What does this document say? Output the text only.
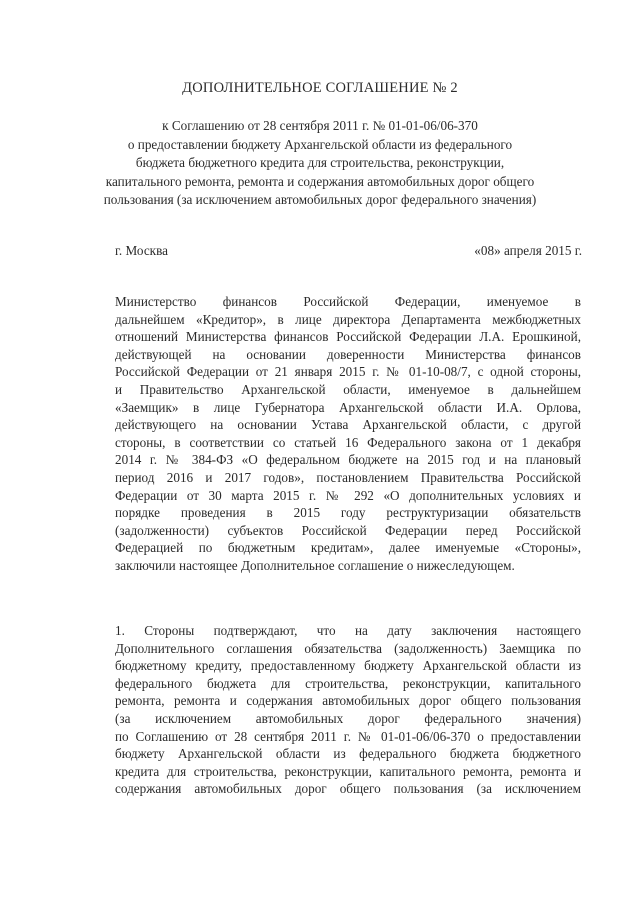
ДОПОЛНИТЕЛЬНОЕ СОГЛАШЕНИЕ № 2
к Соглашению от 28 сентября 2011 г. № 01-01-06/06-370
о предоставлении бюджету Архангельской области из федерального
бюджета бюджетного кредита для строительства, реконструкции,
капитального ремонта, ремонта и содержания автомобильных дорог общего
пользования (за исключением автомобильных дорог федерального значения)
г. Москва	«08» апреля 2015 г.
Министерство финансов Российской Федерации, именуемое в
дальнейшем «Кредитор», в лице директора Департамента межбюджетных
отношений Министерства финансов Российской Федерации Л.А. Ерошкиной,
действующей на основании доверенности Министерства финансов
Российской Федерации от 21 января 2015 г. № 01-10-08/7, с одной стороны,
и Правительство Архангельской области, именуемое в дальнейшем
«Заемщик» в лице Губернатора Архангельской области И.А. Орлова,
действующего на основании Устава Архангельской области, с другой
стороны, в соответствии со статьей 16 Федерального закона от 1 декабря
2014 г. № 384-ФЗ «О федеральном бюджете на 2015 год и на плановый
период 2016 и 2017 годов», постановлением Правительства Российской
Федерации от 30 марта 2015 г. № 292 «О дополнительных условиях и
порядке проведения в 2015 году реструктуризации обязательств
(задолженности) субъектов Российской Федерации перед Российской
Федерацией по бюджетным кредитам», далее именуемые «Стороны»,
заключили настоящее Дополнительное соглашение о нижеследующем.
1. Стороны подтверждают, что на дату заключения настоящего
Дополнительного соглашения обязательства (задолженность) Заемщика по
бюджетному кредиту, предоставленному бюджету Архангельской области из
федерального бюджета для строительства, реконструкции, капитального
ремонта, ремонта и содержания автомобильных дорог общего пользования
(за исключением автомобильных дорог федерального значения)
по Соглашению от 28 сентября 2011 г. № 01-01-06/06-370 о предоставлении
бюджету Архангельской области из федерального бюджета бюджетного
кредита для строительства, реконструкции, капитального ремонта, ремонта и
содержания автомобильных дорог общего пользования (за исключением
